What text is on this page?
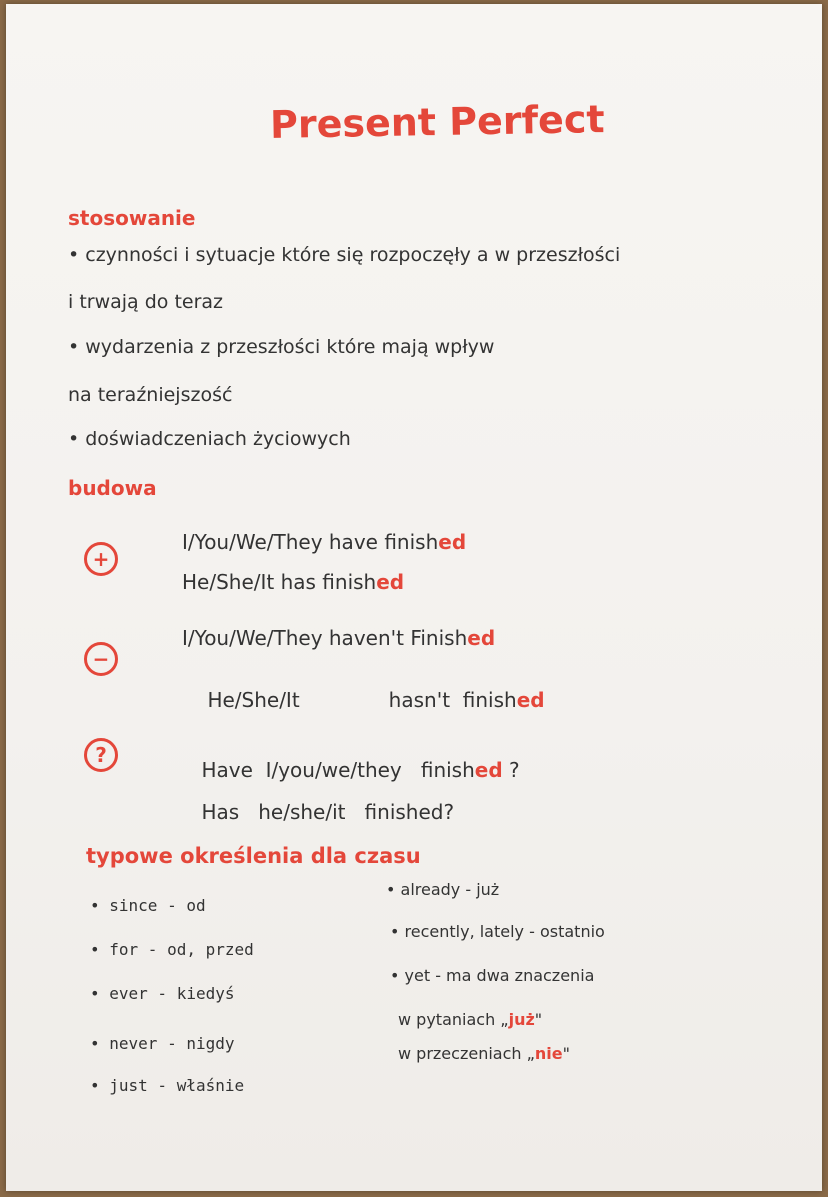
Present Perfect
stosowanie
• czynności i sytuacje które się rozpoczęły a w przeszłości
i trwają do teraz
• wydarzenia z przeszłości które mają wpływ
na teraźniejszość
• doświadczeniach życiowych
budowa
+
I/You/We/They have finished
He/She/It has finished
−
I/You/We/They haven't Finished

He/She/It              hasn't  finished

?

Have  I/you/we/they   finished ?

Has   he/she/it   finished?

typowe określenia dla czasu
• since - od
• for - od, przed
• ever - kiedyś
• never - nigdy
• just - właśnie
• already - już
• recently, lately - ostatnio
• yet - ma dwa znaczenia
w pytaniach „już"
w przeczeniach „nie"
